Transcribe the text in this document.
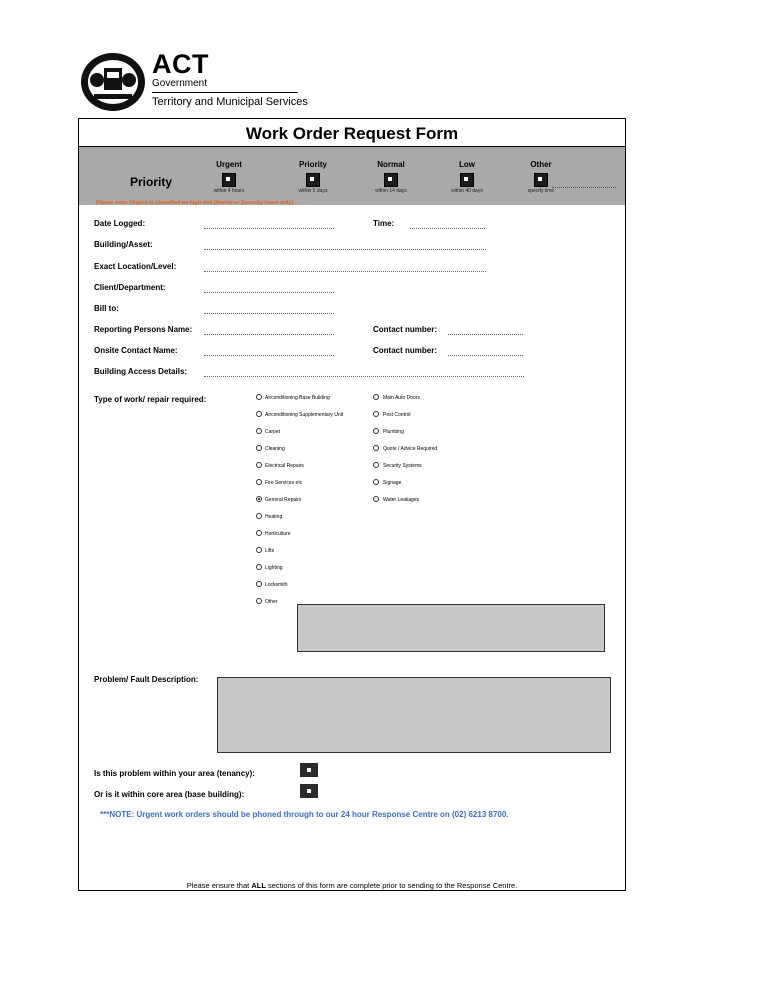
ACT
Government
Territory and Municipal Services
Work Order Request Form
Priority
Urgent
within 4 hours
Priority
within 5 days
Normal
within 14 days
Low
within 40 days
Other
specify time
Please note: Urgent is classified as high risk (Rental or Security Issue only)
Date Logged:	Time:
Building/Asset:
Exact Location/Level:
Client/Department:
Bill to:
Reporting Persons Name:	Contact number:
Onsite Contact Name:	Contact number:
Building Access Details:
Type of work/ repair required:	Airconditioning Base Building
Airconditioning Supplementary Unit
Carpet
Cleaning
Electrical Repairs
Fire Services etc
General Repairs
Heating
Horticulture
Lifts
Lighting
Locksmith
Other
Main Auto Doors
Pest Control
Plumbing
Quote / Advice Required
Security Systems
Signage
Water Leakages
Problem/ Fault Description:
Is this problem within your area (tenancy):
Or is it within core area (base building):
***NOTE: Urgent work orders should be phoned through to our 24 hour Response Centre on (02) 6213 8700.
Please ensure that ALL sections of this form are complete prior to sending to the Response Centre.
